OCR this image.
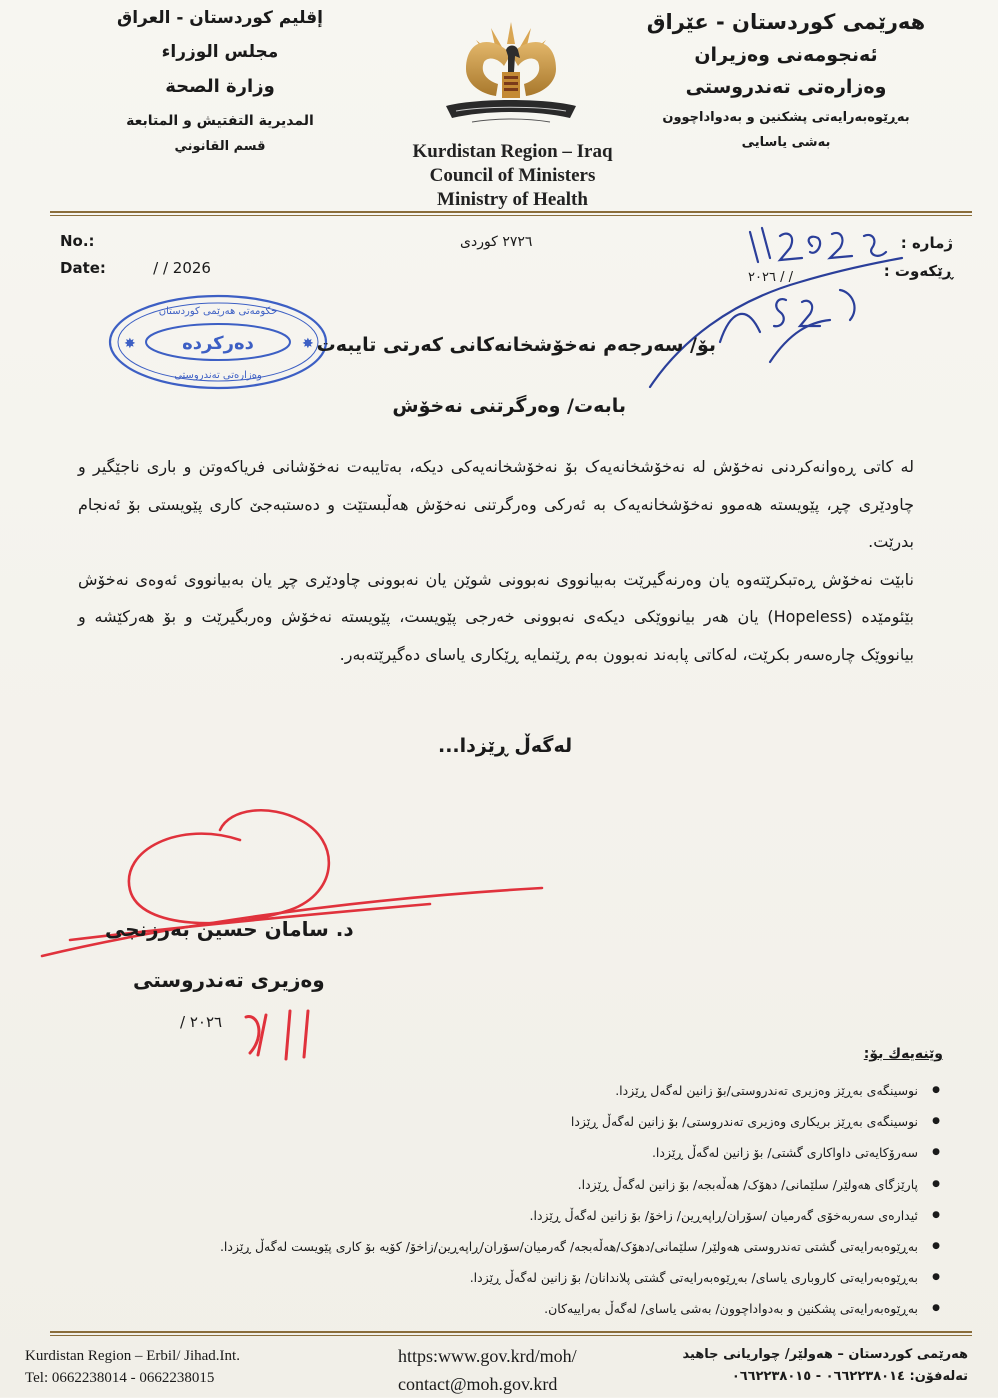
هەرێمی کوردستان - عێراق
ئەنجومەنی وەزیران
وەزارەتی تەندروستی
بەڕێوەبەرایەتی پشکنین و بەدواداچوون
بەشی یاسایی
إقليم كوردستان - العراق
مجلس الوزراء
وزارة الصحة
المديرية التفتيش و المتابعة
قسم القانوني	Kurdistan Region – Iraq
Council of Ministers
Ministry of Health
No.:
Date:	/ / 2026
٢٧٢٦ کوردی	ژمارە :
ڕێکەوت :
/ / ٢٠٢٦
١١٢٥٠٢
٢١/١٨
دەرکردە
حکومەتی هەرێمی کوردستان
وەزارەتی تەندروستی
✸	✸ بۆ/ سەرجەم نەخۆشخانەکانی کەرتی تایبەت
بابەت/ وەرگرتنی نەخۆش

لە کاتی ڕەوانەکردنی نەخۆش لە نەخۆشخانەیەک بۆ نەخۆشخانەیەکی دیکە، بەتایبەت نەخۆشانی فریاکەوتن و باری ناجێگیر و چاودێری چڕ، پێویستە هەموو نەخۆشخانەیەک بە ئەرکی وەرگرتنی نەخۆش هەڵبستێت و دەستبەجێ کاری پێویستی بۆ ئەنجام بدرێت.

نابێت نەخۆش ڕەتبکرێتەوە یان وەرنەگیرێت بەبیانووی نەبوونی شوێن یان نەبوونی چاودێری چڕ یان بەبیانووی ئەوەی نەخۆش بێئومێدە (Hopeless) یان هەر بیانووێکی دیکەی نەبوونی خەرجی پێویست، پێویستە نەخۆش وەربگیرێت و بۆ هەرکێشە و بیانووێک چارەسەر بکرێت، لەکاتی پابەند نەبوون بەم ڕێنمایە ڕێکاری یاسای دەگیرێتەبەر.

لەگەڵ ڕێزدا...
د. سامان حسین بەرزنجی
وەزیری تەندروستی
٢٠٢٦ /
وێنەیەك بۆ:
● نوسینگەی بەڕێز وەزیری تەندروستی/بۆ زانین لەگەل ڕێزدا.
● نوسینگەی بەڕێز بریکاری وەزیری تەندروستی/ بۆ زانین لەگەڵ ڕێزدا
● سەرۆکایەتی داواکاری گشتی/ بۆ زانین لەگەڵ ڕێزدا.
● پارێزگای هەولێر/ سلێمانی/ دهۆک/ هەڵەبجە/ بۆ زانین لەگەڵ ڕێزدا.
● ئیدارەی سەربەخۆی گەرمیان /سۆران/ڕاپەڕین/ زاخۆ/ بۆ زانین لەگەڵ ڕێزدا.
● بەڕێوەبەرایەتی گشتی تەندروستی هەولێر/ سلێمانی/دهۆک/هەڵەبجە/ گەرمیان/سۆران/ڕاپەڕین/زاخۆ/ کۆیە بۆ کاری پێویست لەگەڵ ڕێزدا.
● بەڕێوەبەرایەتی کاروباری یاسای/ بەڕێوەبەرایەتی گشتی پلاندانان/ بۆ زانین لەگەڵ ڕێزدا.
● بەڕێوەبەرایەتی پشکنین و بەدواداچوون/ بەشی یاسای/ لەگەڵ بەراییەکان.
Kurdistan Region – Erbil/ Jihad.Int.
Tel: 0662238014 - 0662238015
https:www.gov.krd/moh/
contact@moh.gov.krd
هەرێمی کوردستان – هەولێر/ چواریانی جاهید
تەلەفۆن: ٠٦٦٢٢٣٨٠١٤ - ٠٦٦٢٢٣٨٠١٥
